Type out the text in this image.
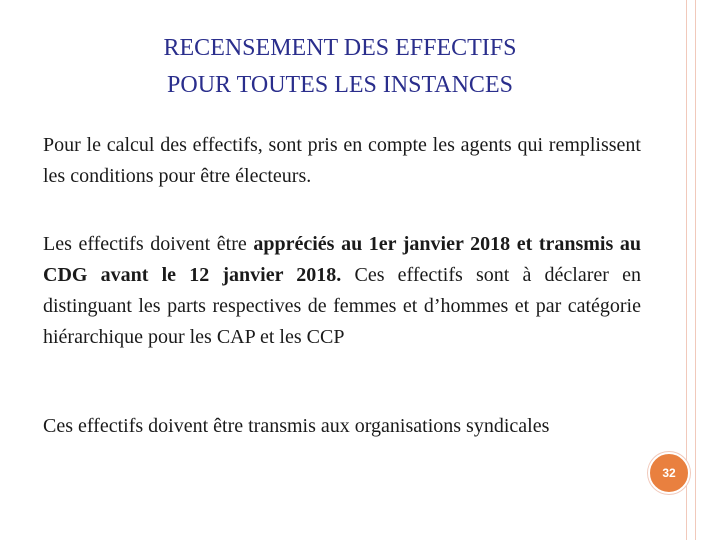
RECENSEMENT DES EFFECTIFS
POUR TOUTES LES INSTANCES
Pour le calcul des effectifs, sont pris en compte les agents qui remplissent les conditions pour être électeurs.
Les effectifs doivent être appréciés au 1er janvier 2018 et transmis au CDG avant le 12 janvier 2018. Ces effectifs sont à déclarer en distinguant les parts respectives de femmes et d’hommes et par catégorie hiérarchique pour les CAP et les CCP
Ces effectifs doivent être transmis aux organisations syndicales
32
